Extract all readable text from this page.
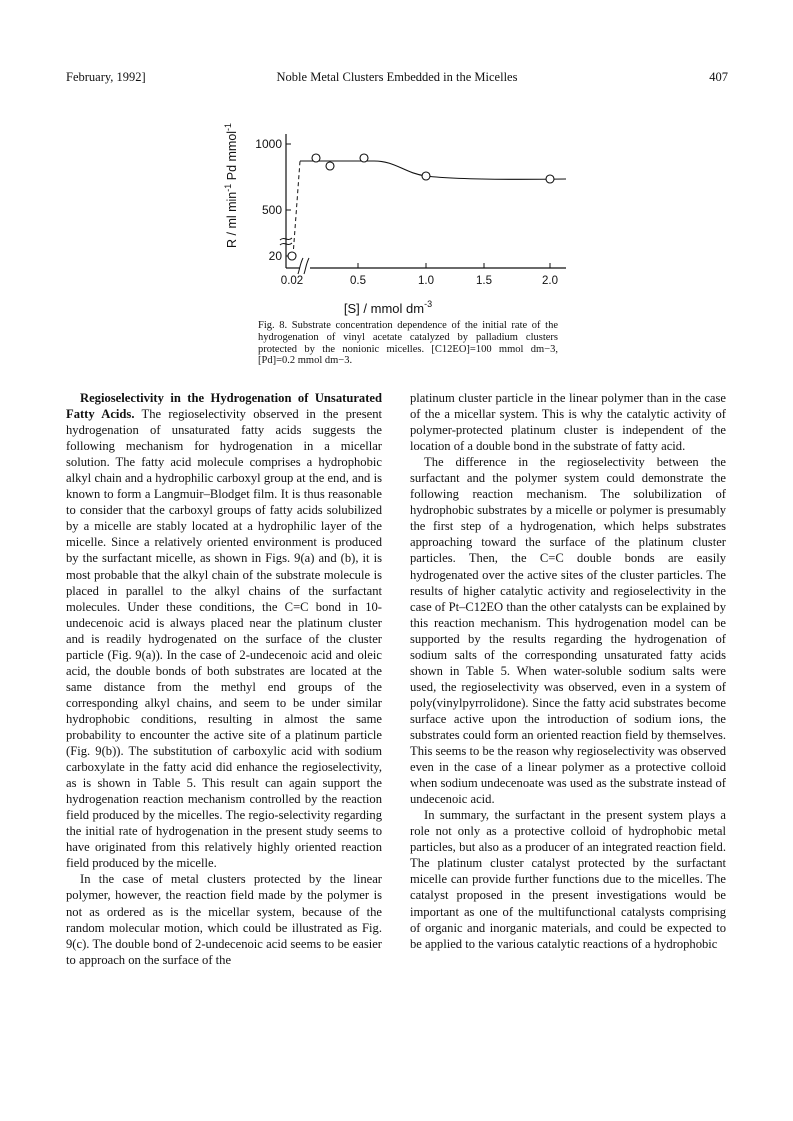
February, 1992]	Noble Metal Clusters Embedded in the Micelles	407
1000
500
20
0.02	0.5	1.0	1.5	2.0
R / ml $\min^{-1} Pd$ mmol$^{-1}$
[S] / mmol $dm^{-3}$
Fig. 8. Substrate concentration dependence of the initial rate of the hydrogenation of vinyl acetate catalyzed by palladium clusters protected by the nonionic micelles. [C12EO]=100 mmol dm−3, [Pd]=0.2 mmol dm−3.

Regioselectivity in the Hydrogenation of Unsaturated Fatty Acids. The regioselectivity observed in the present hydrogenation of unsaturated fatty acids suggests the following mechanism for hydrogenation in a micellar solution. The fatty acid molecule comprises a hydrophobic alkyl chain and a hydrophilic carboxyl group at the end, and is known to form a Langmuir–Blodget film. It is thus reasonable to consider that the carboxyl groups of fatty acids solubilized by a micelle are stably located at a hydrophilic layer of the micelle. Since a relatively oriented environment is produced by the surfactant micelle, as shown in Figs. 9(a) and (b), it is most probable that the alkyl chain of the substrate molecule is placed in parallel to the alkyl chains of the surfactant molecules. Under these conditions, the C=C bond in 10-undecenoic acid is always placed near the platinum cluster and is readily hydrogenated on the surface of the cluster particle (Fig. 9(a)). In the case of 2-undecenoic acid and oleic acid, the double bonds of both substrates are located at the same distance from the methyl end groups of the corresponding alkyl chains, and seem to be under similar hydrophobic conditions, resulting in almost the same probability to encounter the active site of a platinum particle (Fig. 9(b)). The substitution of carboxylic acid with sodium carboxylate in the fatty acid did enhance the regioselectivity, as is shown in Table 5. This result can again support the hydrogenation reaction mechanism controlled by the reaction field produced by the micelles. The regio-selectivity regarding the initial rate of hydrogenation in the present study seems to have originated from this relatively highly oriented reaction field produced by the micelle.

In the case of metal clusters protected by the linear polymer, however, the reaction field made by the polymer is not as ordered as is the micellar system, because of the random molecular motion, which could be illustrated as Fig. 9(c). The double bond of 2-undecenoic acid seems to be easier to approach on the surface of the

platinum cluster particle in the linear polymer than in the case of the a micellar system. This is why the catalytic activity of polymer-protected platinum cluster is independent of the location of a double bond in the substrate of fatty acid.

The difference in the regioselectivity between the surfactant and the polymer system could demonstrate the following reaction mechanism. The solubilization of hydrophobic substrates by a micelle or polymer is presumably the first step of a hydrogenation, which helps substrates approaching toward the surface of the platinum cluster particles. Then, the C=C double bonds are easily hydrogenated over the active sites of the cluster particles. The results of higher catalytic activity and regioselectivity in the case of Pt–C12EO than the other catalysts can be explained by this reaction mechanism. This hydrogenation model can be supported by the results regarding the hydrogenation of sodium salts of the corresponding unsaturated fatty acids shown in Table 5. When water-soluble sodium salts were used, the regioselectivity was observed, even in a system of poly(vinylpyrrolidone). Since the fatty acid substrates become surface active upon the introduction of sodium ions, the substrates could form an oriented reaction field by themselves. This seems to be the reason why regioselectivity was observed even in the case of a linear polymer as a protective colloid when sodium undecenoate was used as the substrate instead of undecenoic acid.

In summary, the surfactant in the present system plays a role not only as a protective colloid of hydrophobic metal particles, but also as a producer of an integrated reaction field. The platinum cluster catalyst protected by the surfactant micelle can provide further functions due to the micelles. The catalyst proposed in the present investigations would be important as one of the multifunctional catalysts comprising of organic and inorganic materials, and could be expected to be applied to the various catalytic reactions of a hydrophobic
